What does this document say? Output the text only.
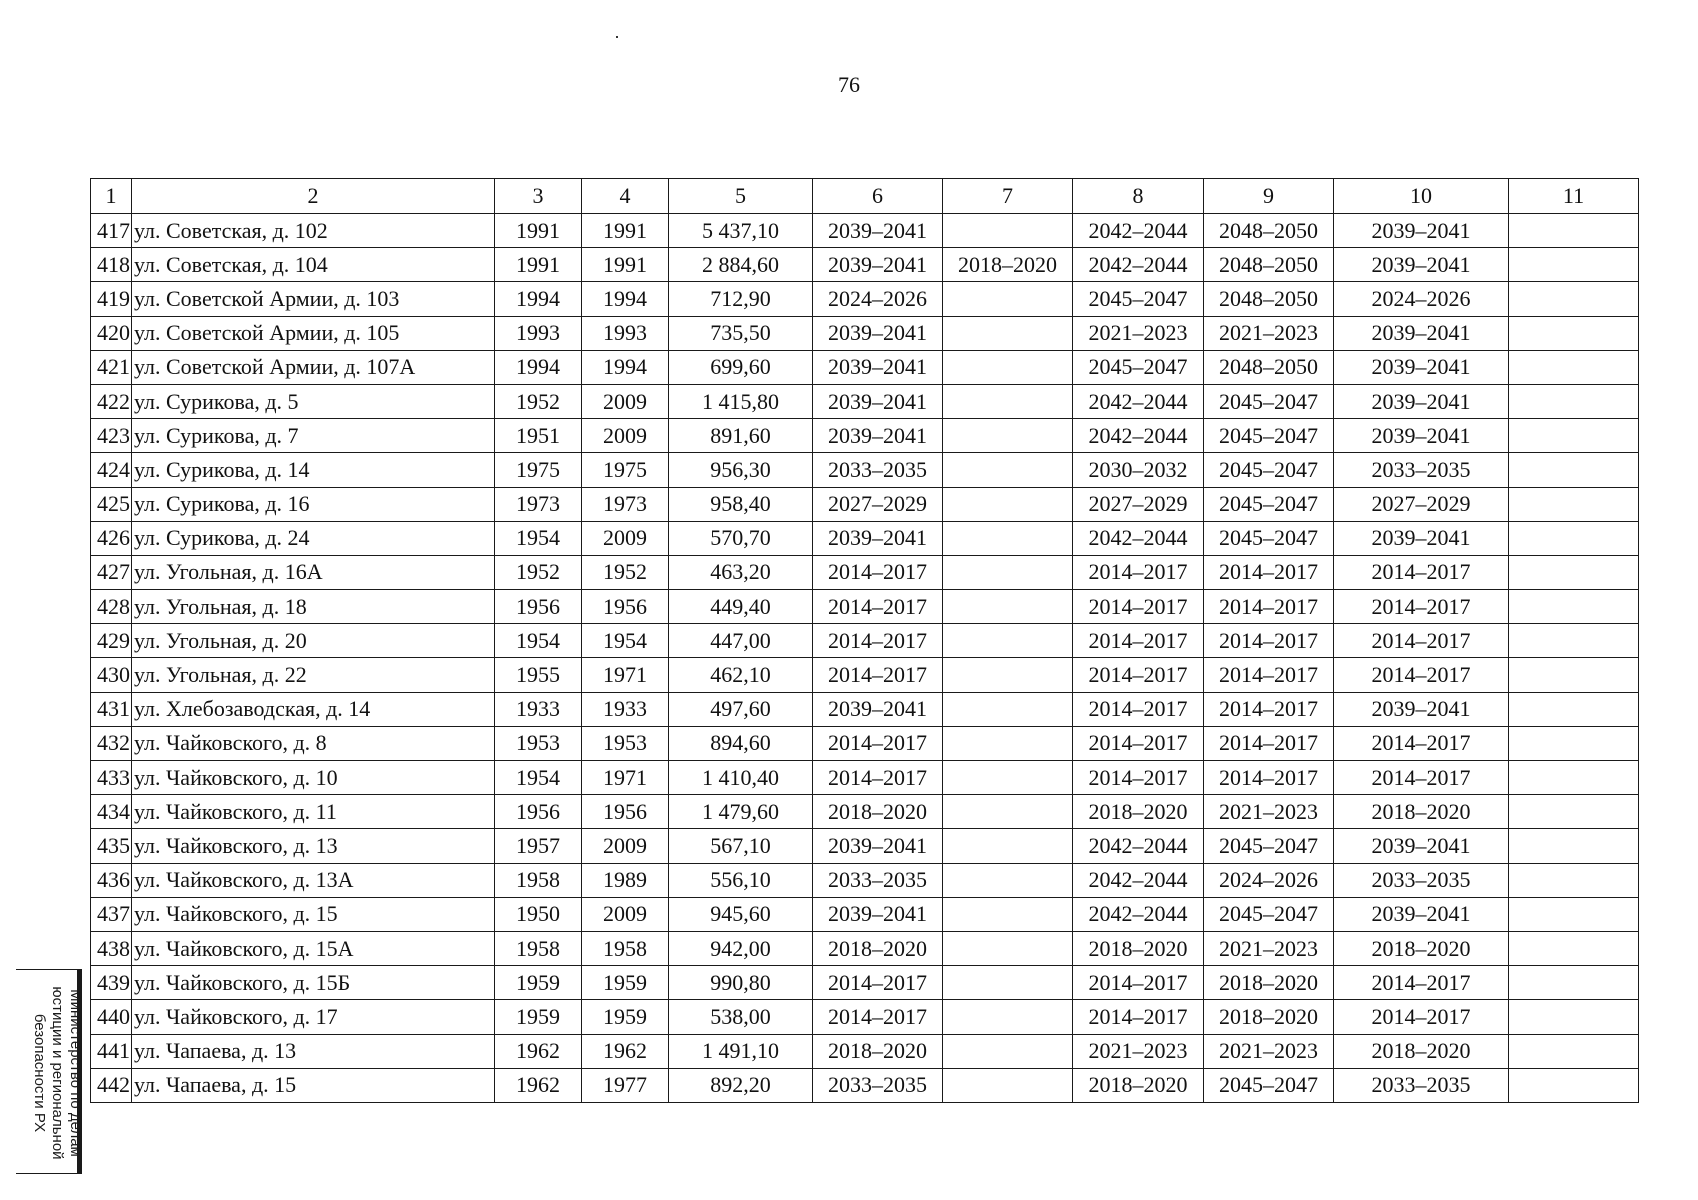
76
1	2	3	4	5	6	7	8	9	10	11
417	ул. Советская, д. 102	1991	1991	5 437,10	2039–2041		2042–2044	2048–2050	2039–2041	
418	ул. Советская, д. 104	1991	1991	2 884,60	2039–2041	2018–2020	2042–2044	2048–2050	2039–2041	
419	ул. Советской Армии, д. 103	1994	1994	712,90	2024–2026		2045–2047	2048–2050	2024–2026	
420	ул. Советской Армии, д. 105	1993	1993	735,50	2039–2041		2021–2023	2021–2023	2039–2041	
421	ул. Советской Армии, д. 107А	1994	1994	699,60	2039–2041		2045–2047	2048–2050	2039–2041	
422	ул. Сурикова, д. 5	1952	2009	1 415,80	2039–2041		2042–2044	2045–2047	2039–2041	
423	ул. Сурикова, д. 7	1951	2009	891,60	2039–2041		2042–2044	2045–2047	2039–2041	
424	ул. Сурикова, д. 14	1975	1975	956,30	2033–2035		2030–2032	2045–2047	2033–2035	
425	ул. Сурикова, д. 16	1973	1973	958,40	2027–2029		2027–2029	2045–2047	2027–2029	
426	ул. Сурикова, д. 24	1954	2009	570,70	2039–2041		2042–2044	2045–2047	2039–2041	
427	ул. Угольная, д. 16А	1952	1952	463,20	2014–2017		2014–2017	2014–2017	2014–2017	
428	ул. Угольная, д. 18	1956	1956	449,40	2014–2017		2014–2017	2014–2017	2014–2017	
429	ул. Угольная, д. 20	1954	1954	447,00	2014–2017		2014–2017	2014–2017	2014–2017	
430	ул. Угольная, д. 22	1955	1971	462,10	2014–2017		2014–2017	2014–2017	2014–2017	
431	ул. Хлебозаводская, д. 14	1933	1933	497,60	2039–2041		2014–2017	2014–2017	2039–2041	
432	ул. Чайковского, д. 8	1953	1953	894,60	2014–2017		2014–2017	2014–2017	2014–2017	
433	ул. Чайковского, д. 10	1954	1971	1 410,40	2014–2017		2014–2017	2014–2017	2014–2017	
434	ул. Чайковского, д. 11	1956	1956	1 479,60	2018–2020		2018–2020	2021–2023	2018–2020	
435	ул. Чайковского, д. 13	1957	2009	567,10	2039–2041		2042–2044	2045–2047	2039–2041	
436	ул. Чайковского, д. 13А	1958	1989	556,10	2033–2035		2042–2044	2024–2026	2033–2035	
437	ул. Чайковского, д. 15	1950	2009	945,60	2039–2041		2042–2044	2045–2047	2039–2041	
438	ул. Чайковского, д. 15А	1958	1958	942,00	2018–2020		2018–2020	2021–2023	2018–2020	
439	ул. Чайковского, д. 15Б	1959	1959	990,80	2014–2017		2014–2017	2018–2020	2014–2017	
440	ул. Чайковского, д. 17	1959	1959	538,00	2014–2017		2014–2017	2018–2020	2014–2017	
441	ул. Чапаева, д. 13	1962	1962	1 491,10	2018–2020		2021–2023	2021–2023	2018–2020	
442	ул. Чапаева, д. 15	1962	1977	892,20	2033–2035		2018–2020	2045–2047	2033–2035	
Министерство по делам
юстиции и региональной
безопасности РХ
